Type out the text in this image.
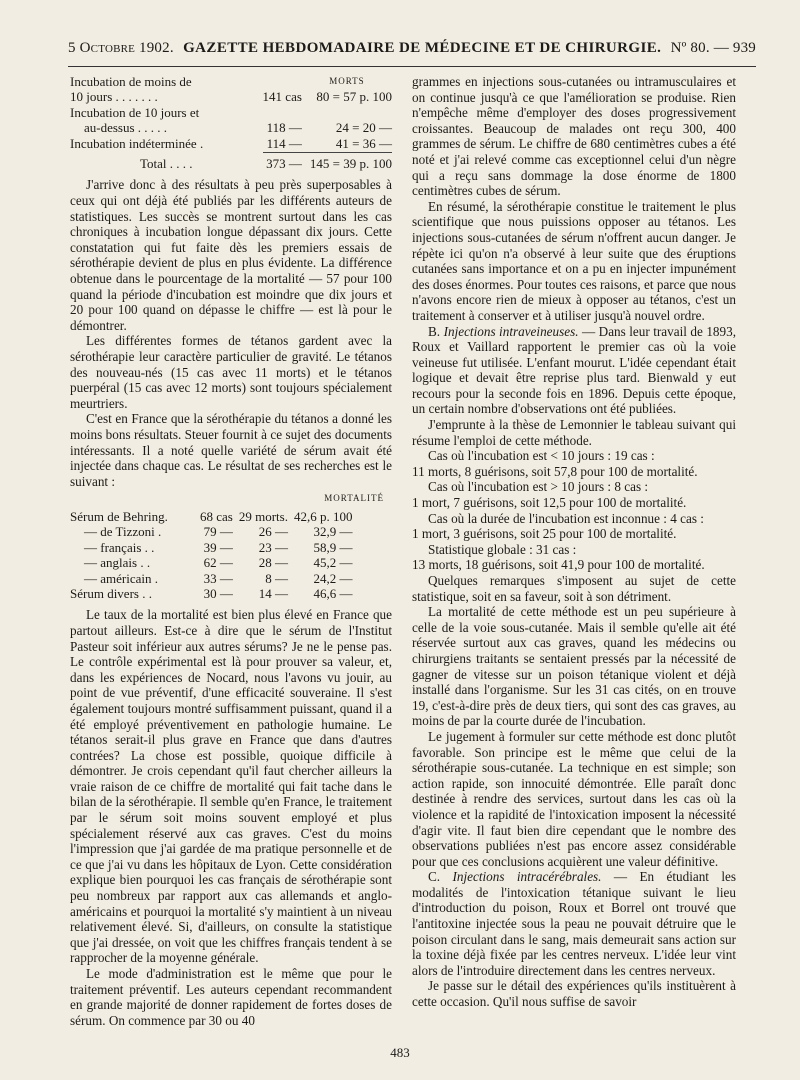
5 Octobre 1902. GAZETTE HEBDOMADAIRE DE MÉDECINE ET DE CHIRURGIE. Nº 80. — 939
Incubation de moins de		MORTS
10 jours . . . . . . .	141 cas	80 = 57 p. 100
Incubation de 10 jours et		
au-dessus . . . . .	118 —	24 = 20 —
Incubation indéterminée .	114 —	41 = 36 —
Total . . . .	373 —	145 = 39 p. 100

J'arrive donc à des résultats à peu près superposables à ceux qui ont déjà été publiés par les différents auteurs de statistiques. Les succès se montrent surtout dans les cas chroniques à incubation longue dépassant dix jours. Cette constatation qui fut faite dès les premiers essais de sérothérapie devient de plus en plus évidente. La différence obtenue dans le pourcentage de la mortalité — 57 pour 100 quand la période d'incubation est moindre que dix jours et 20 pour 100 quand on dépasse le chiffre — est là pour le démontrer.

Les différentes formes de tétanos gardent avec la sérothérapie leur caractère particulier de gravité. Le tétanos des nouveau-nés (15 cas avec 11 morts) et le tétanos puerpéral (15 cas avec 12 morts) sont toujours spécialement meurtriers.

C'est en France que la sérothérapie du tétanos a donné les moins bons résultats. Steuer fournit à ce sujet des documents intéressants. Il a noté quelle variété de sérum avait été injectée dans chaque cas. Le résultat de ses recherches est le suivant :

MORTALITÉ
Sérum de Behring.	68 cas	29 morts.	42,6 p. 100
— de Tizzoni .	79 —	26 —	32,9 —
— français . .	39 —	23 —	58,9 —
— anglais . .	62 —	28 —	45,2 —
— américain .	33 —	8 —	24,2 —
Sérum divers . .	30 —	14 —	46,6 —

Le taux de la mortalité est bien plus élevé en France que partout ailleurs. Est-ce à dire que le sérum de l'Institut Pasteur soit inférieur aux autres sérums? Je ne le pense pas. Le contrôle expérimental est là pour prouver sa valeur, et, dans les expériences de Nocard, nous l'avons vu jouir, au point de vue préventif, d'une efficacité souveraine. Il s'est également toujours montré suffisamment puissant, quand il a été employé préventivement en pathologie humaine. Le tétanos serait-il plus grave en France que dans d'autres contrées? La chose est possible, quoique difficile à démontrer. Je crois cependant qu'il faut chercher ailleurs la vraie raison de ce chiffre de mortalité qui fait tache dans le bilan de la sérothérapie. Il semble qu'en France, le traitement par le sérum soit moins souvent employé et plus spécialement réservé aux cas graves. C'est du moins l'impression que j'ai gardée de ma pratique personnelle et de ce que j'ai vu dans les hôpitaux de Lyon. Cette considération explique bien pourquoi les cas français de sérothérapie sont peu nombreux par rapport aux cas allemands et anglo-américains et pourquoi la mortalité s'y maintient à un niveau relativement élevé. Si, d'ailleurs, on consulte la statistique que j'ai dressée, on voit que les chiffres français tendent à se rapprocher de la moyenne générale.

Le mode d'administration est le même que pour le traitement préventif. Les auteurs cependant recommandent en grande majorité de donner rapidement de fortes doses de sérum. On commence par 30 ou 40

grammes en injections sous-cutanées ou intramusculaires et on continue jusqu'à ce que l'amélioration se produise. Rien n'empêche même d'employer des doses progressivement croissantes. Beaucoup de malades ont reçu 300, 400 grammes de sérum. Le chiffre de 680 centimètres cubes a été noté et j'ai relevé comme cas exceptionnel celui d'un nègre qui a reçu sans dommage la dose énorme de 1800 centimètres cubes de sérum.

En résumé, la sérothérapie constitue le traitement le plus scientifique que nous puissions opposer au tétanos. Les injections sous-cutanées de sérum n'offrent aucun danger. Je répète ici qu'on n'a observé à leur suite que des éruptions cutanées sans importance et on a pu en injecter impunément des doses énormes. Pour toutes ces raisons, et parce que nous n'avons encore rien de mieux à opposer au tétanos, c'est un traitement à conserver et à utiliser jusqu'à nouvel ordre.

B. Injections intraveineuses. — Dans leur travail de 1893, Roux et Vaillard rapportent le premier cas où la voie veineuse fut utilisée. L'enfant mourut. L'idée cependant était logique et devait être reprise plus tard. Bienwald y eut recours pour la seconde fois en 1896. Depuis cette époque, un certain nombre d'observations ont été publiées.

J'emprunte à la thèse de Lemonnier le tableau suivant qui résume l'emploi de cette méthode.

Cas où l'incubation est < 10 jours : 19 cas :

11 morts, 8 guérisons, soit 57,8 pour 100 de mortalité.

Cas où l'incubation est > 10 jours : 8 cas :

1 mort, 7 guérisons, soit 12,5 pour 100 de mortalité.

Cas où la durée de l'incubation est inconnue : 4 cas :

1 mort, 3 guérisons, soit 25 pour 100 de mortalité.

Statistique globale : 31 cas :

13 morts, 18 guérisons, soit 41,9 pour 100 de mortalité.

Quelques remarques s'imposent au sujet de cette statistique, soit en sa faveur, soit à son détriment.

La mortalité de cette méthode est un peu supérieure à celle de la voie sous-cutanée. Mais il semble qu'elle ait été réservée surtout aux cas graves, quand les médecins ou chirurgiens traitants se sentaient pressés par la nécessité de gagner de vitesse sur un poison tétanique violent et déjà installé dans l'organisme. Sur les 31 cas cités, on en trouve 19, c'est-à-dire près de deux tiers, qui sont des cas graves, au moins de par la courte durée de l'incubation.

Le jugement à formuler sur cette méthode est donc plutôt favorable. Son principe est le même que celui de la sérothérapie sous-cutanée. La technique en est simple; son action rapide, son innocuité démontrée. Elle paraît donc destinée à rendre des services, surtout dans les cas où la violence et la rapidité de l'intoxication imposent la nécessité d'agir vite. Il faut bien dire cependant que le nombre des observations publiées n'est pas encore assez considérable pour que ces conclusions acquièrent une valeur définitive.

C. Injections intracérébrales. — En étudiant les modalités de l'intoxication tétanique suivant le lieu d'introduction du poison, Roux et Borrel ont trouvé que l'antitoxine injectée sous la peau ne pouvait détruire que le poison circulant dans le sang, mais demeurait sans action sur la toxine déjà fixée par les centres nerveux. L'idée leur vint alors de l'introduire directement dans les centres nerveux.

Je passe sur le détail des expériences qu'ils instituèrent à cette occasion. Qu'il nous suffise de savoir

483
